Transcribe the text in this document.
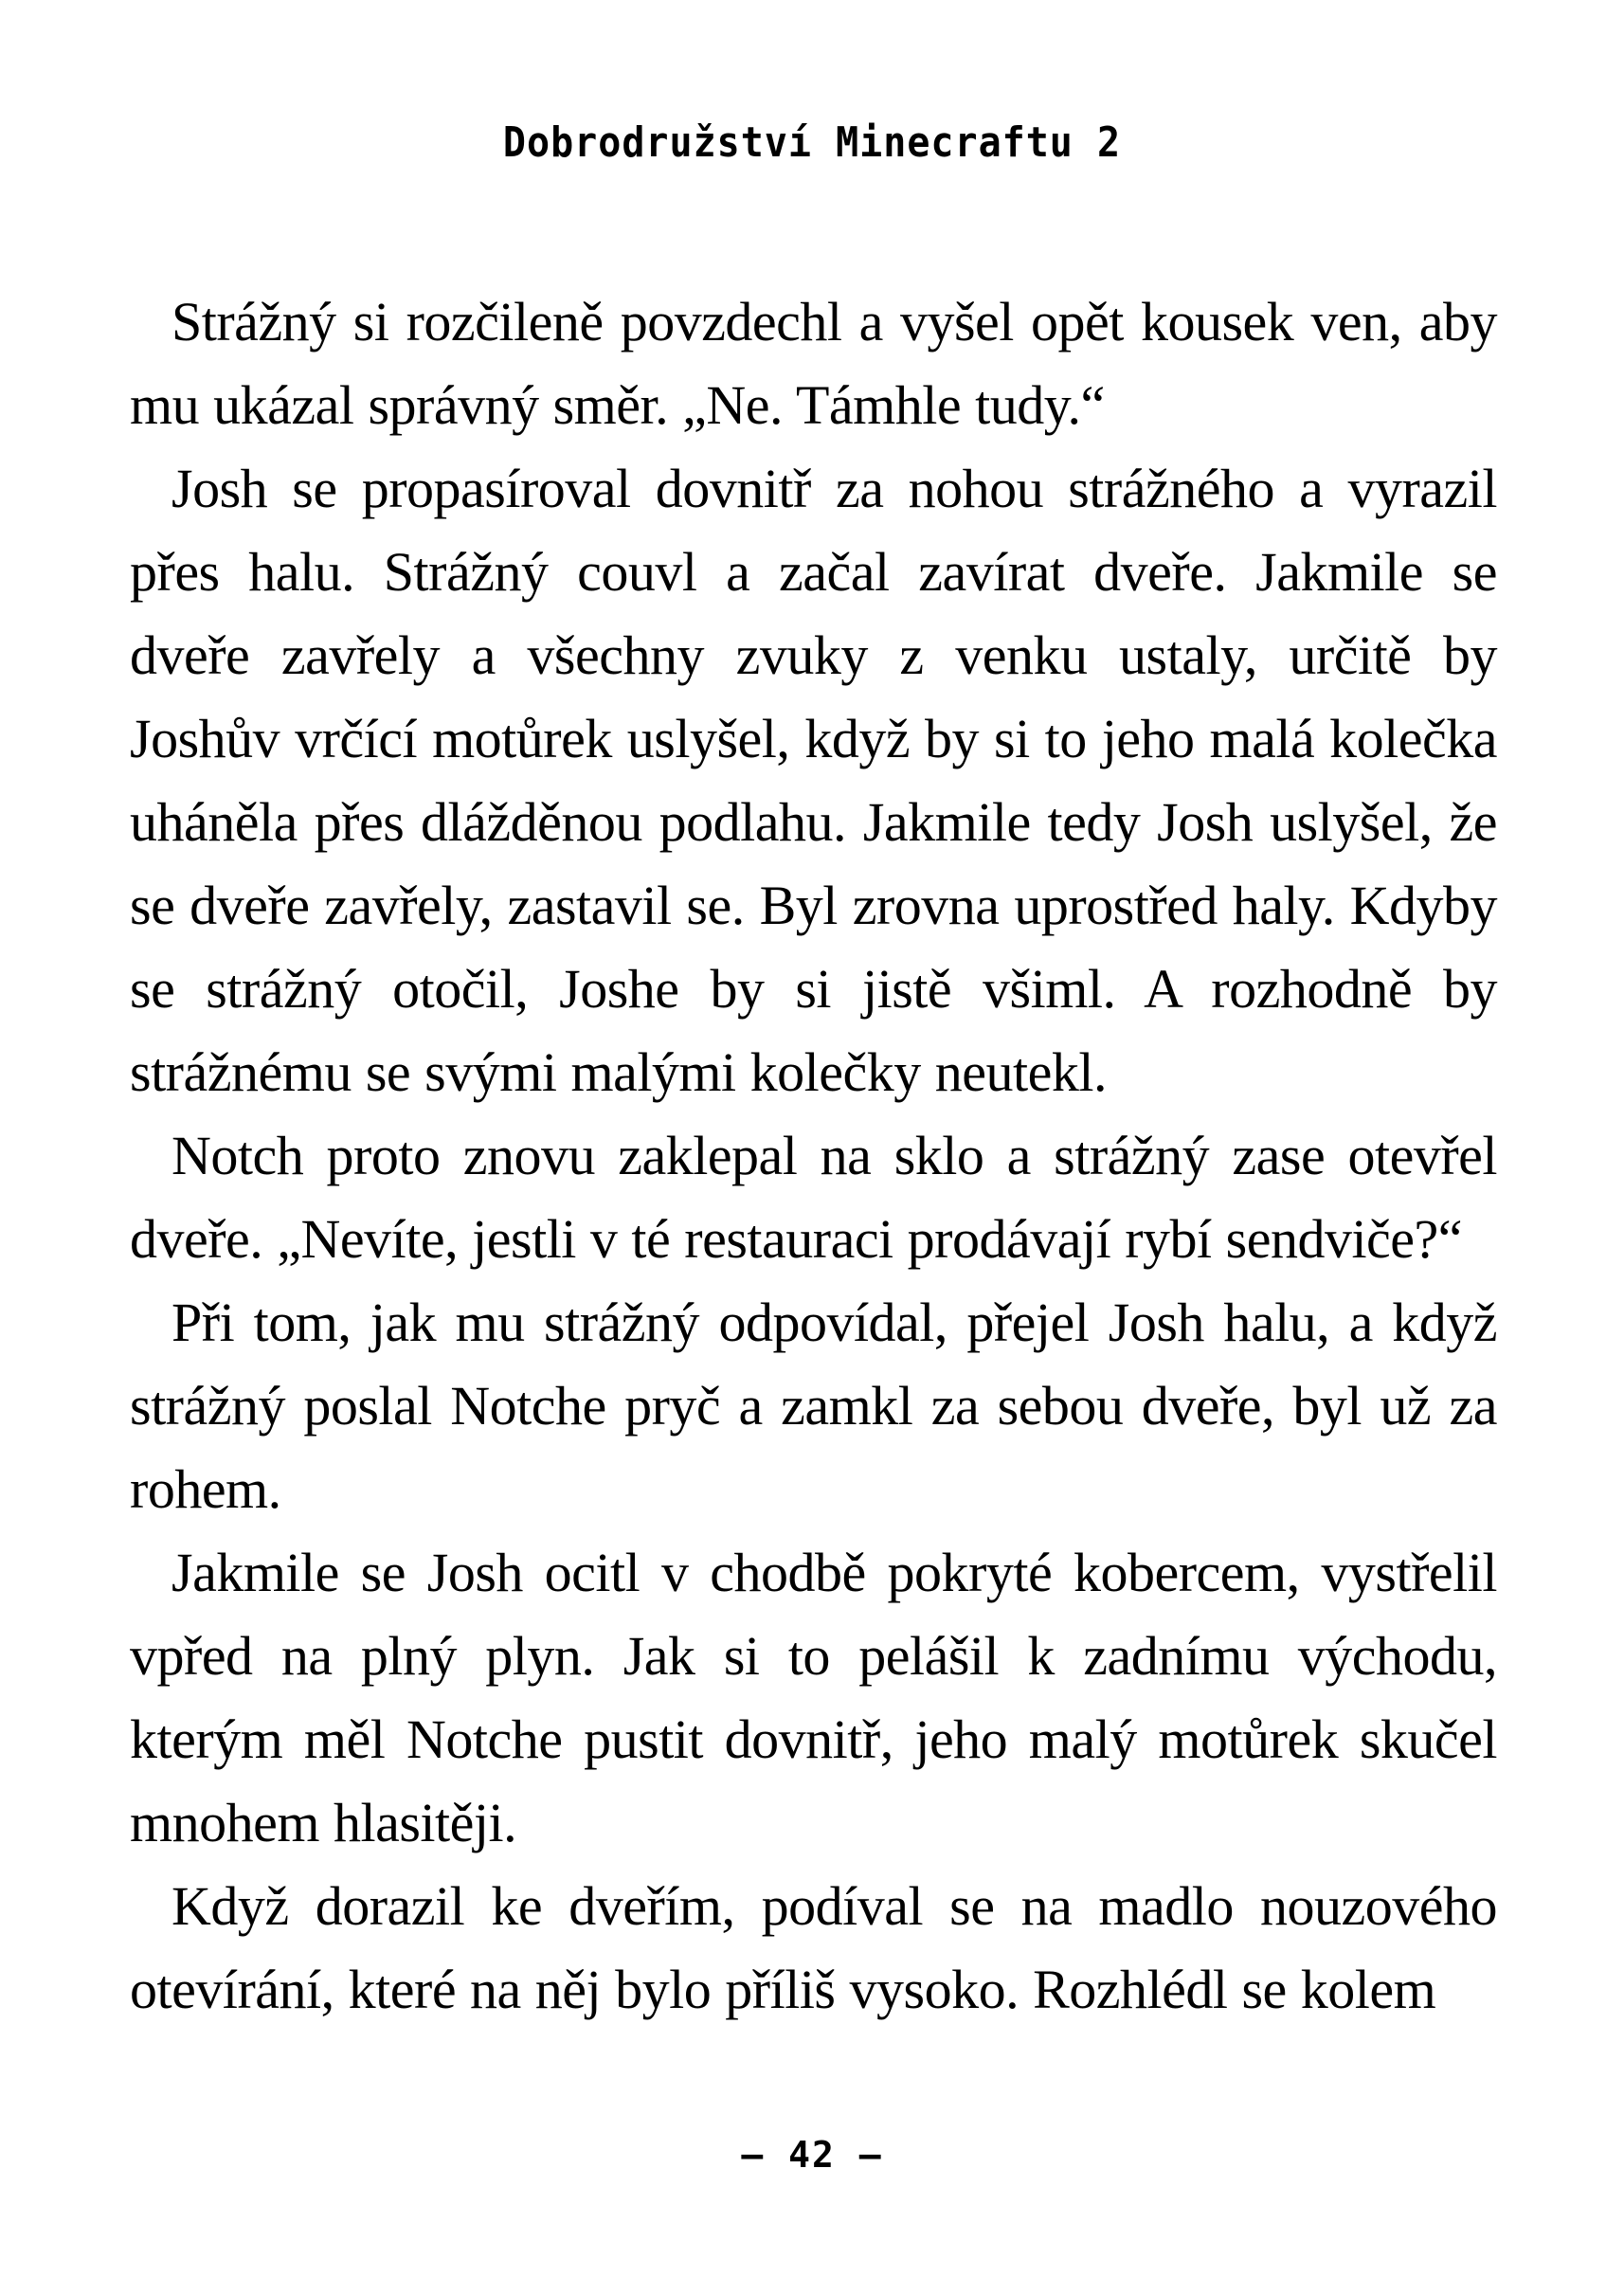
Dobrodružství Minecraftu 2

Strážný si rozčileně povzdechl a vyšel opět kousek ven, aby mu ukázal správný směr. „Ne. Támhle tudy.“

Josh se propasíroval dovnitř za nohou strážného a vyrazil přes halu. Strážný couvl a začal zavírat dveře. Jakmile se dveře zavřely a všechny zvuky z venku ustaly, určitě by Joshův vrčící motůrek uslyšel, když by si to jeho malá kolečka uháněla přes dlážděnou podlahu. Jakmile tedy Josh uslyšel, že se dveře zavřely, zastavil se. Byl zrovna uprostřed haly. Kdyby se strážný otočil, Joshe by si jistě všiml. A rozhodně by strážnému se svými malými kolečky neutekl.

Notch proto znovu zaklepal na sklo a strážný zase otevřel dveře. „Nevíte, jestli v té restauraci prodávají rybí sendviče?“

Při tom, jak mu strážný odpovídal, přejel Josh halu, a když strážný poslal Notche pryč a zamkl za sebou dveře, byl už za rohem.

Jakmile se Josh ocitl v chodbě pokryté kobercem, vystřelil vpřed na plný plyn. Jak si to pelášil k zadnímu východu, kterým měl Notche pustit dovnitř, jeho malý motůrek skučel mnohem hlasitěji.

Když dorazil ke dveřím, podíval se na madlo nouzového otevírání, které na něj bylo příliš vysoko. Rozhlédl se kolem

– 42 –
